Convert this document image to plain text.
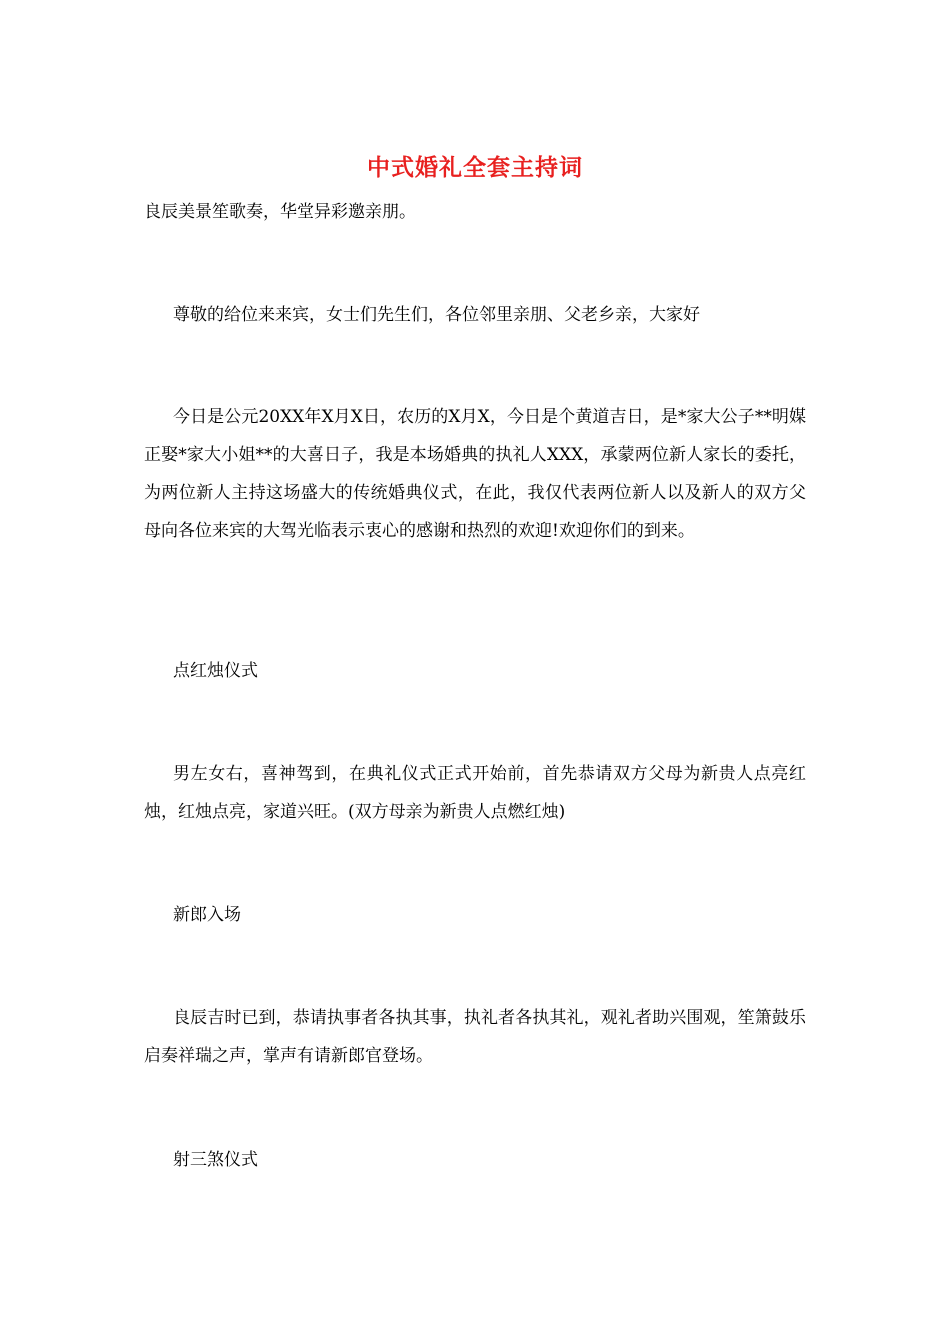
中式婚礼全套主持词

良辰美景笙歌奏，华堂异彩邀亲朋。

尊敬的给位来来宾，女士们先生们，各位邻里亲朋、父老乡亲，大家好

今日是公元20XX年X月X日，农历的X月X，今日是个黄道吉日，是*家大公子**明媒正娶*家大小姐**的大喜日子，我是本场婚典的执礼人XXX，承蒙两位新人家长的委托，为两位新人主持这场盛大的传统婚典仪式，在此，我仅代表两位新人以及新人的双方父母向各位来宾的大驾光临表示衷心的感谢和热烈的欢迎!欢迎你们的到来。

点红烛仪式

男左女右，喜神驾到，在典礼仪式正式开始前，首先恭请双方父母为新贵人点亮红烛，红烛点亮，家道兴旺。(双方母亲为新贵人点燃红烛)

新郎入场

良辰吉时已到，恭请执事者各执其事，执礼者各执其礼，观礼者助兴围观，笙箫鼓乐启奏祥瑞之声，掌声有请新郎官登场。

射三煞仪式
